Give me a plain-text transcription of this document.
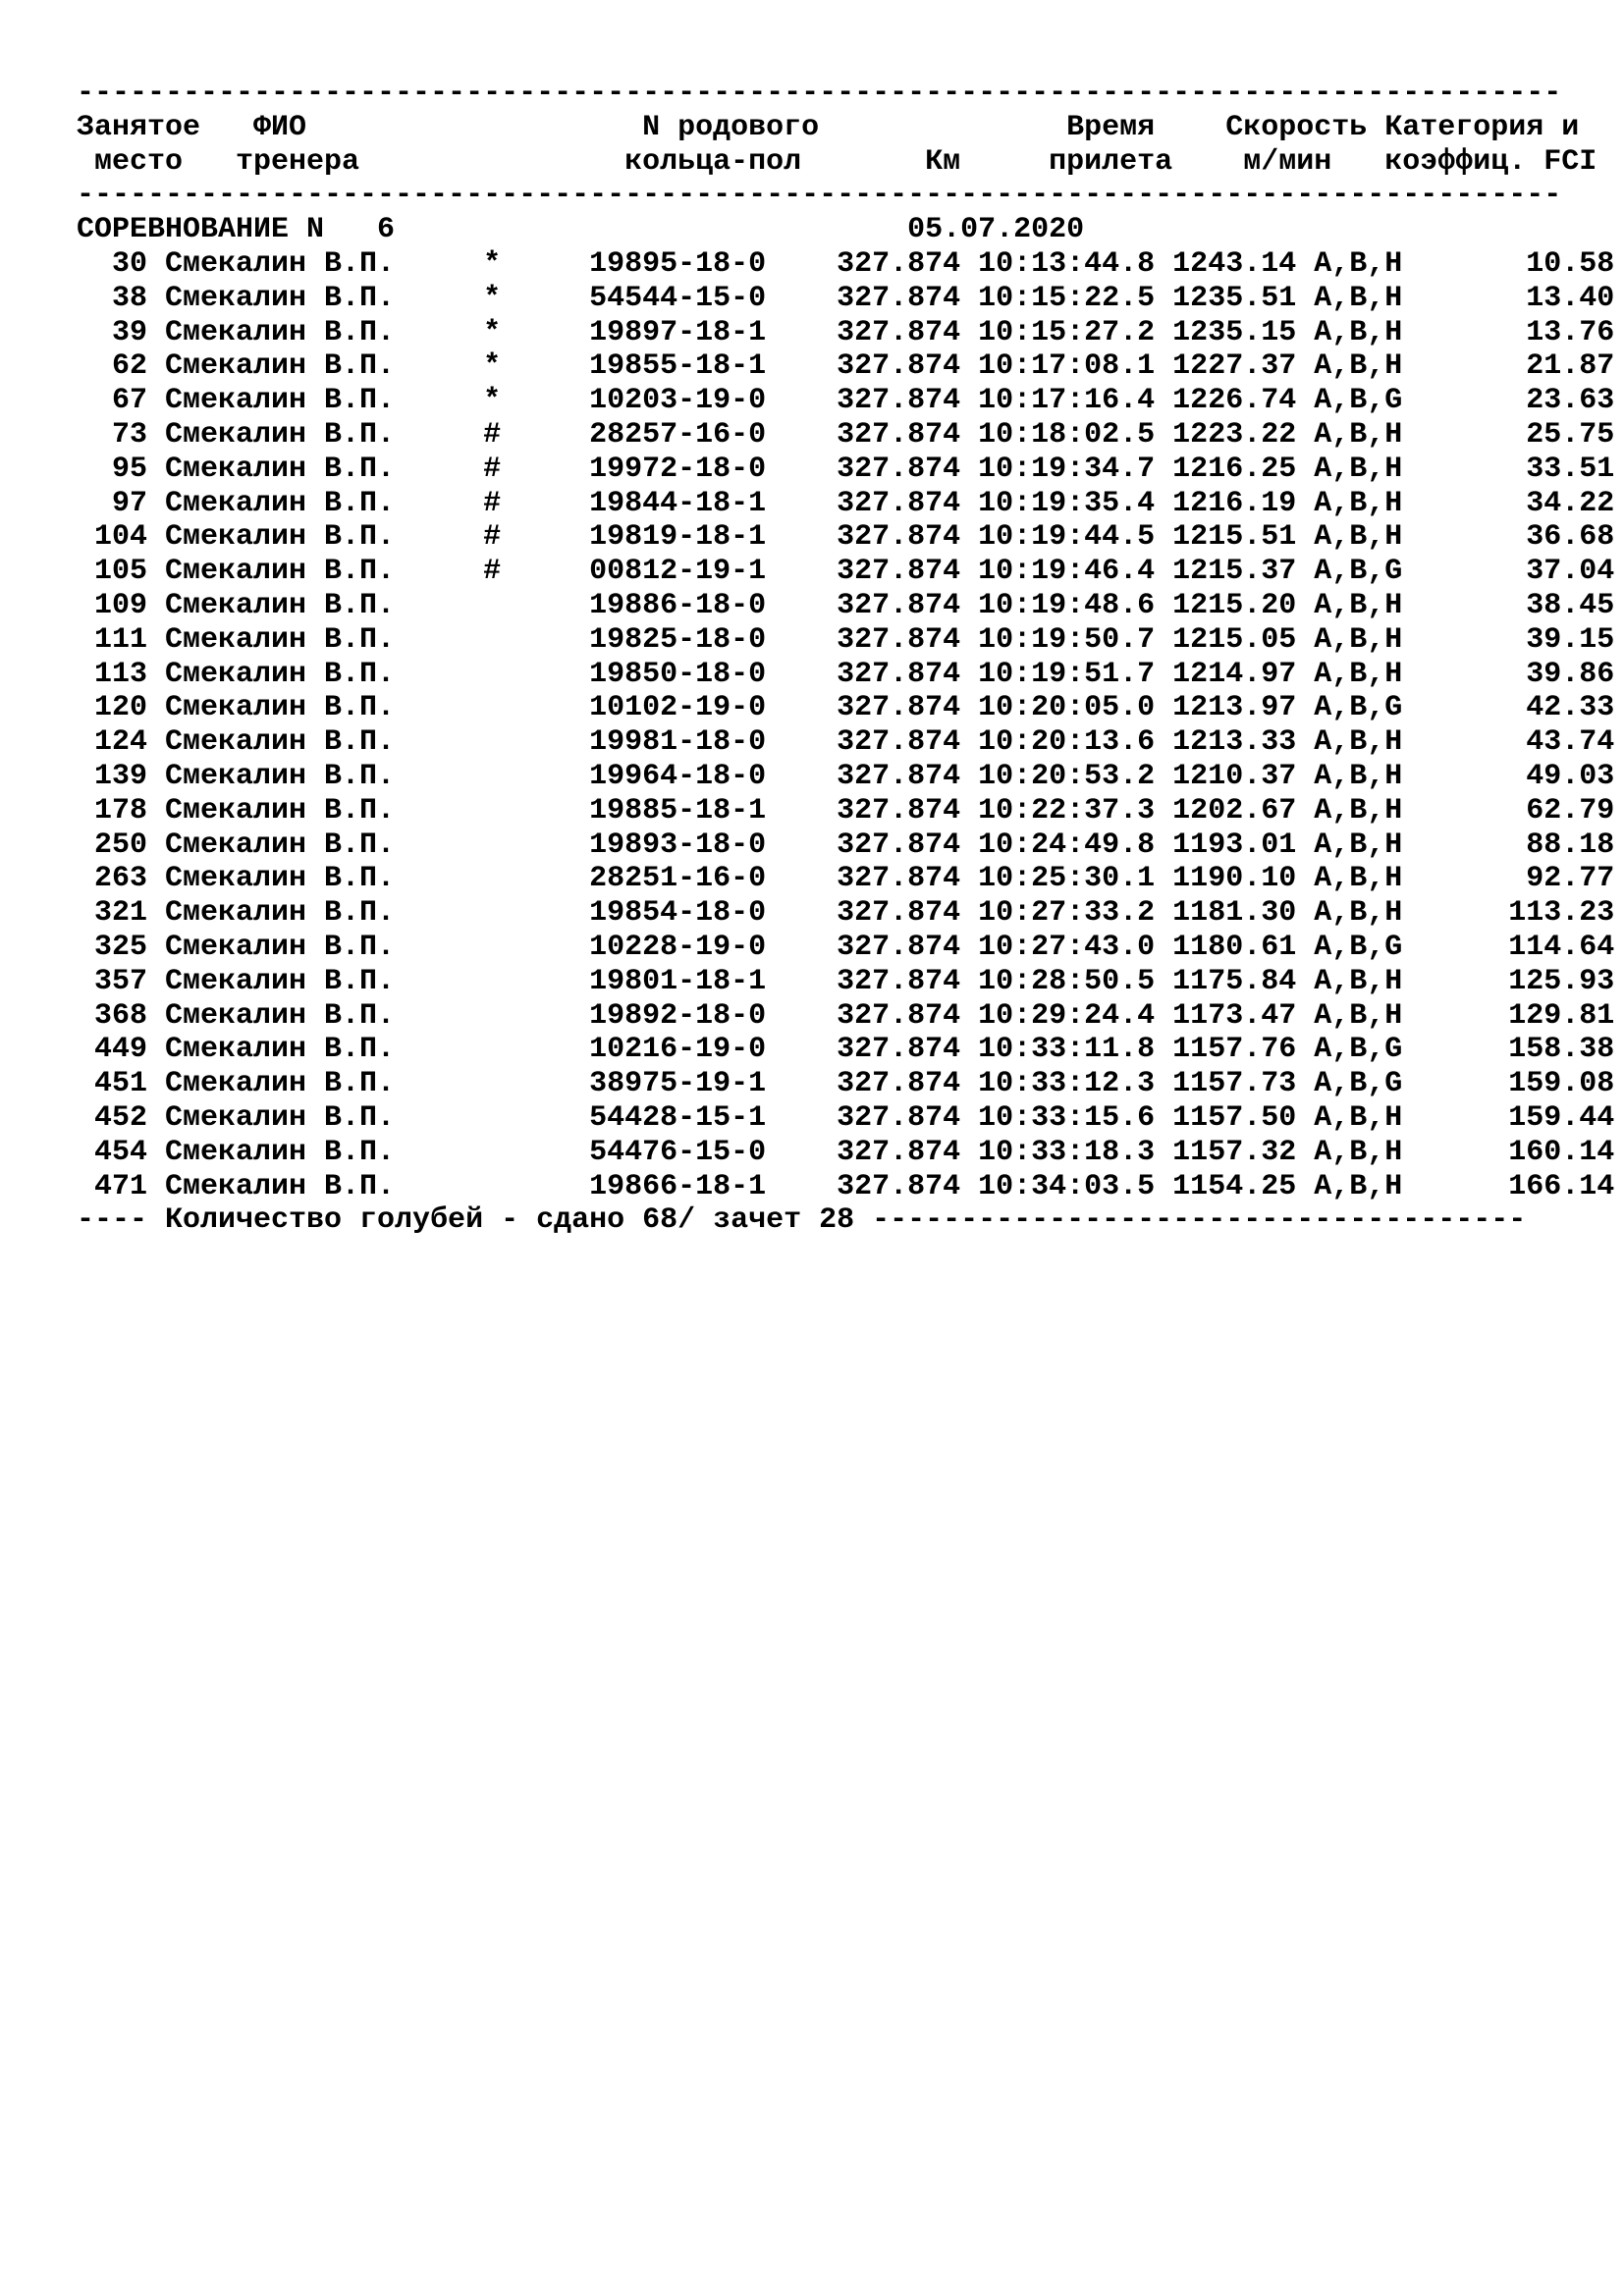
------------------------------------------------------------------------------------
Занятое   ФИО                   N родового              Время    Скорость Категория и
место   тренера               кольца-пол       Км     прилета    м/мин   коэффиц. FCI
------------------------------------------------------------------------------------
СОРЕВНОВАНИЕ N   6                             05.07.2020
30 Смекалин В.П.     *     19895-18-0    327.874 10:13:44.8 1243.14 A,B,H       10.58
38 Смекалин В.П.     *     54544-15-0    327.874 10:15:22.5 1235.51 A,B,H       13.40
39 Смекалин В.П.     *     19897-18-1    327.874 10:15:27.2 1235.15 A,B,H       13.76
62 Смекалин В.П.     *     19855-18-1    327.874 10:17:08.1 1227.37 A,B,H       21.87
67 Смекалин В.П.     *     10203-19-0    327.874 10:17:16.4 1226.74 A,B,G       23.63
73 Смекалин В.П.     #     28257-16-0    327.874 10:18:02.5 1223.22 A,B,H       25.75
95 Смекалин В.П.     #     19972-18-0    327.874 10:19:34.7 1216.25 A,B,H       33.51
97 Смекалин В.П.     #     19844-18-1    327.874 10:19:35.4 1216.19 A,B,H       34.22
104 Смекалин В.П.     #     19819-18-1    327.874 10:19:44.5 1215.51 A,B,H       36.68
105 Смекалин В.П.     #     00812-19-1    327.874 10:19:46.4 1215.37 A,B,G       37.04
109 Смекалин В.П.           19886-18-0    327.874 10:19:48.6 1215.20 A,B,H       38.45
111 Смекалин В.П.           19825-18-0    327.874 10:19:50.7 1215.05 A,B,H       39.15
113 Смекалин В.П.           19850-18-0    327.874 10:19:51.7 1214.97 A,B,H       39.86
120 Смекалин В.П.           10102-19-0    327.874 10:20:05.0 1213.97 A,B,G       42.33
124 Смекалин В.П.           19981-18-0    327.874 10:20:13.6 1213.33 A,B,H       43.74
139 Смекалин В.П.           19964-18-0    327.874 10:20:53.2 1210.37 A,B,H       49.03
178 Смекалин В.П.           19885-18-1    327.874 10:22:37.3 1202.67 A,B,H       62.79
250 Смекалин В.П.           19893-18-0    327.874 10:24:49.8 1193.01 A,B,H       88.18
263 Смекалин В.П.           28251-16-0    327.874 10:25:30.1 1190.10 A,B,H       92.77
321 Смекалин В.П.           19854-18-0    327.874 10:27:33.2 1181.30 A,B,H      113.23
325 Смекалин В.П.           10228-19-0    327.874 10:27:43.0 1180.61 A,B,G      114.64
357 Смекалин В.П.           19801-18-1    327.874 10:28:50.5 1175.84 A,B,H      125.93
368 Смекалин В.П.           19892-18-0    327.874 10:29:24.4 1173.47 A,B,H      129.81
449 Смекалин В.П.           10216-19-0    327.874 10:33:11.8 1157.76 A,B,G      158.38
451 Смекалин В.П.           38975-19-1    327.874 10:33:12.3 1157.73 A,B,G      159.08
452 Смекалин В.П.           54428-15-1    327.874 10:33:15.6 1157.50 A,B,H      159.44
454 Смекалин В.П.           54476-15-0    327.874 10:33:18.3 1157.32 A,B,H      160.14
471 Смекалин В.П.           19866-18-1    327.874 10:34:03.5 1154.25 A,B,H      166.14
---- Количество голубей - сдано 68/ зачет 28 -------------------------------------
